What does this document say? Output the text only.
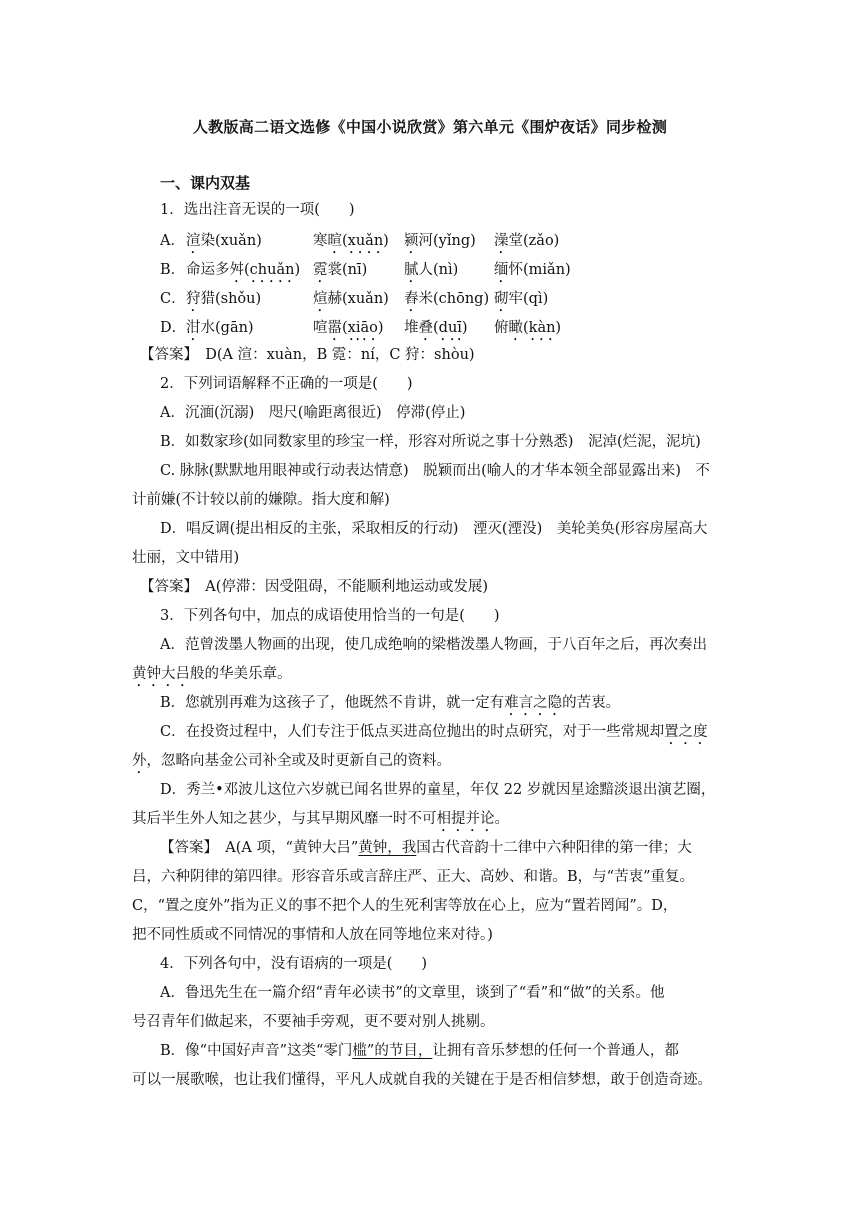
人教版高二语文选修《中国小说欣赏》第六单元《围炉夜话》同步检测
一、课内双基
1．选出注音无误的一项(　　)
A． 渲染(xuǎn)	寒暄(xuǎn) 颍河(yǐng) 澡堂(zǎo)
B． 命运多舛(chuǎn) 霓裳(nī)	腻人(nì) 缅怀(miǎn)
C． 狩猎(shǒu)	煊赫(xuǎn) 舂米(chōng) 砌牢(qì)
D． 泔水(gān)	喧嚣(xiāo) 堆叠(duī) 俯瞰(kàn)
【答案】　 D(A 渲：xuàn，B 霓：ní，C 狩：shòu)
2．下列词语解释不正确的一项是(　　)
A．沉湎(沉溺)　咫尺(喻距离很近)　停滞(停止)
B．如数家珍(如同数家里的珍宝一样，形容对所说之事十分熟悉)　泥淖(烂泥，泥坑)
C. 脉脉(默默地用眼神或行动表达情意)　脱颖而出(喻人的才华本领全部显露出来)　不
计前嫌(不计较以前的嫌隙。指大度和解)
D．唱反调(提出相反的主张，采取相反的行动)　湮灭(湮没)　美轮美奂(形容房屋高大
壮丽，文中错用)
【答案】　 A(停滞：因受阻碍，不能顺利地运动或发展)
3．下列各句中，加点的成语使用恰当的一句是(　　)
A．范曾泼墨人物画的出现，使几成绝响的梁楷泼墨人物画，于八百年之后，再次奏出
黄钟大吕般的华美乐章。
B．您就别再难为这孩子了，他既然不肯讲，就一定有难言之隐的苦衷。
C．在投资过程中，人们专注于低点买进高位抛出的时点研究，对于一些常规却置之度
外，忽略向基金公司补全或及时更新自己的资料。
D．秀兰•邓波儿这位六岁就已闻名世界的童星，年仅 22 岁就因星途黯淡退出演艺圈，
其后半生外人知之甚少，与其早期风靡一时不可相提并论。
【答案】　 A(A 项，“黄钟大吕”黄钟，我国古代音韵十二律中六种阳律的第一律；大
吕，六种阴律的第四律。形容音乐或言辞庄严、正大、高妙、和谐。B，与“苦衷”重复。
C，“置之度外”指为正义的事不把个人的生死利害等放在心上，应为“置若罔闻”。D，
把不同性质或不同情况的事情和人放在同等地位来对待。)
4．下列各句中，没有语病的一项是(　　)
A．鲁迅先生在一篇介绍“青年必读书”的文章里，谈到了“看”和“做”的关系。他
号召青年们做起来，不要袖手旁观，更不要对别人挑剔。
B．像“中国好声音”这类“零门槛”的节目，让拥有音乐梦想的任何一个普通人，都
可以一展歌喉，也让我们懂得，平凡人成就自我的关键在于是否相信梦想，敢于创造奇迹。
